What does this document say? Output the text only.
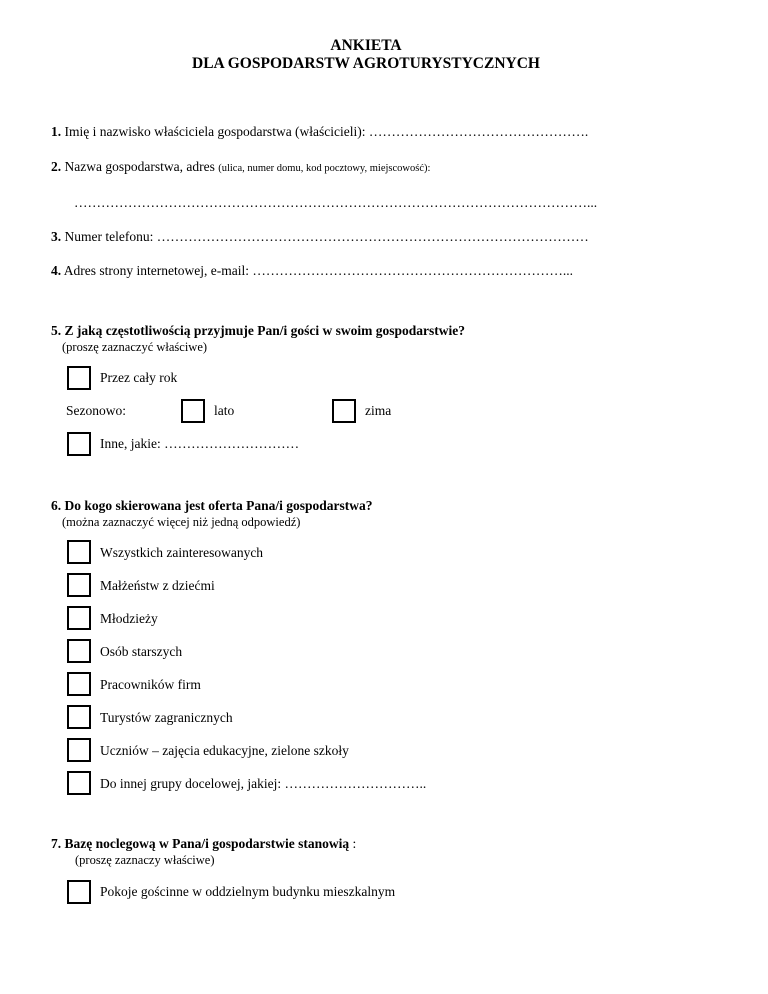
ANKIETA
DLA GOSPODARSTW AGROTURYSTYCZNYCH
1. Imię i nazwisko właściciela gospodarstwa (właścicieli): ………………………………………….
2. Nazwa gospodarstwa, adres (ulica, numer domu, kod pocztowy, miejscowość):
……………………………………………………………………………………………………...
3. Numer telefonu: ……………………………………………………………………………………
4. Adres strony internetowej, e-mail: ……………………………………………………………...
5. Z jaką częstotliwością przyjmuje Pan/i gości w swoim gospodarstwie?
(proszę zaznaczyć właściwe)
Przez cały rok
Sezonowo:	lato	zima
Inne, jakie: …………………………
6. Do kogo skierowana jest oferta Pana/i gospodarstwa?
(można zaznaczyć więcej niż jedną odpowiedź)
Wszystkich zainteresowanych
Małżeństw z dziećmi
Młodzieży
Osób starszych
Pracowników firm
Turystów zagranicznych
Uczniów – zajęcia edukacyjne, zielone szkoły
Do innej grupy docelowej, jakiej: …………………………..
7. Bazę noclegową w Pana/i gospodarstwie stanowią :
(proszę zaznaczy właściwe)
Pokoje gościnne w oddzielnym budynku mieszkalnym
